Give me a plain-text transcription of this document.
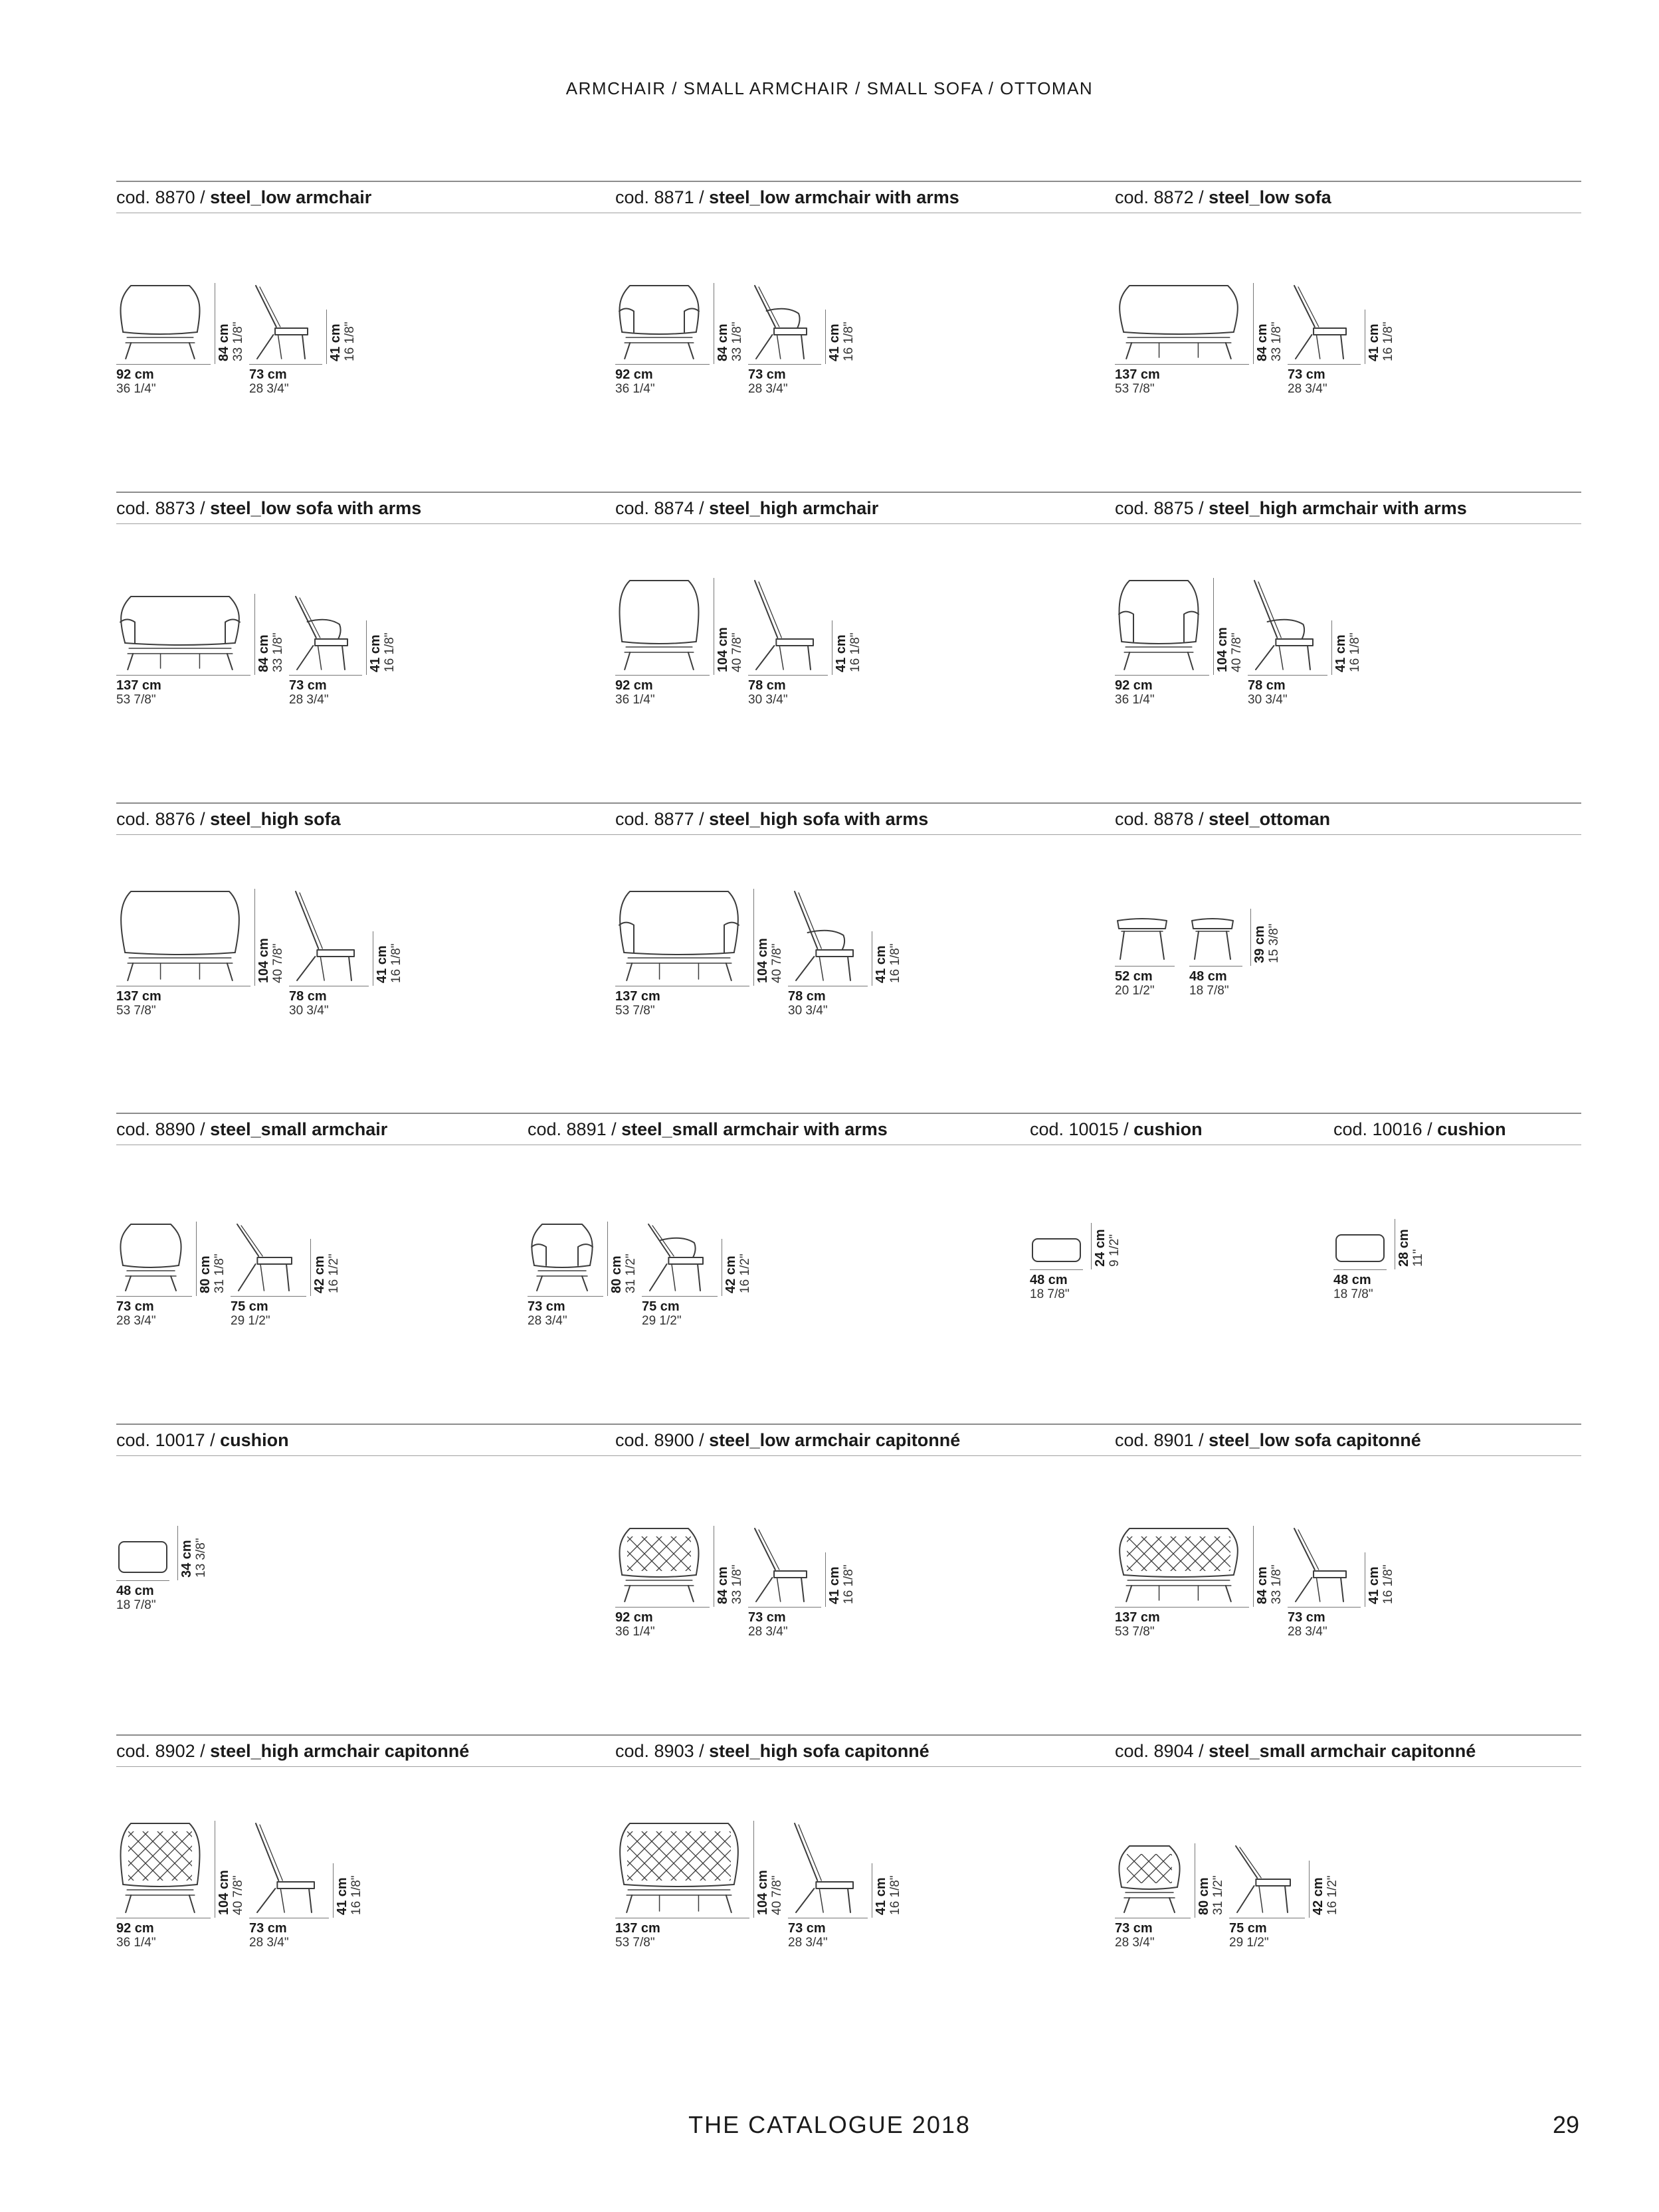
ARMCHAIR / SMALL ARMCHAIR / SMALL SOFA / OTTOMAN
cod. 8870 / steel_low armchair
92 cm
36 1/4"
84 cm 33 1/8"
73 cm
28 3/4"
41 cm 16 1/8"
cod. 8871 / steel_low armchair with arms
92 cm
36 1/4"
84 cm 33 1/8"
73 cm
28 3/4"
41 cm 16 1/8"
cod. 8872 / steel_low sofa
137 cm
53 7/8"
84 cm 33 1/8"
73 cm
28 3/4"
41 cm 16 1/8"
cod. 8873 / steel_low sofa with arms
137 cm
53 7/8"
84 cm 33 1/8"
73 cm
28 3/4"
41 cm 16 1/8"
cod. 8874 / steel_high armchair
92 cm
36 1/4"
104 cm 40 7/8"
78 cm
30 3/4"
41 cm 16 1/8"
cod. 8875 / steel_high armchair with arms
92 cm
36 1/4"
104 cm 40 7/8"
78 cm
30 3/4"
41 cm 16 1/8"
cod. 8876 / steel_high sofa
137 cm
53 7/8"
104 cm 40 7/8"
78 cm
30 3/4"
41 cm 16 1/8"
cod. 8877 / steel_high sofa with arms
137 cm
53 7/8"
104 cm 40 7/8"
78 cm
30 3/4"
41 cm 16 1/8"
cod. 8878 / steel_ottoman
52 cm
20 1/2"
48 cm
18 7/8"
39 cm 15 3/8"
cod. 8890 / steel_small armchair
73 cm
28 3/4"
80 cm 31 1/8"
75 cm
29 1/2"
42 cm 16 1/2"
cod. 8891 / steel_small armchair with arms
73 cm
28 3/4"
80 cm 31 1/2"
75 cm
29 1/2"
42 cm 16 1/2"
cod. 10015 / cushion
48 cm
18 7/8"
24 cm 9 1/2"
cod. 10016 / cushion
48 cm
18 7/8"
28 cm 11"
cod. 10017 / cushion
48 cm
18 7/8"
34 cm 13 3/8"
cod. 8900 / steel_low armchair capitonné
92 cm
36 1/4"
84 cm 33 1/8"
73 cm
28 3/4"
41 cm 16 1/8"
cod. 8901 / steel_low sofa capitonné
137 cm
53 7/8"
84 cm 33 1/8"
73 cm
28 3/4"
41 cm 16 1/8"
cod. 8902 / steel_high armchair capitonné
92 cm
36 1/4"
104 cm 40 7/8"
73 cm
28 3/4"
41 cm 16 1/8"
cod. 8903 / steel_high sofa capitonné
137 cm
53 7/8"
104 cm 40 7/8"
73 cm
28 3/4"
41 cm 16 1/8"
cod. 8904 / steel_small armchair capitonné
73 cm
28 3/4"
80 cm 31 1/2"
75 cm
29 1/2"
42 cm 16 1/2"
THE CATALOGUE 2018	29
